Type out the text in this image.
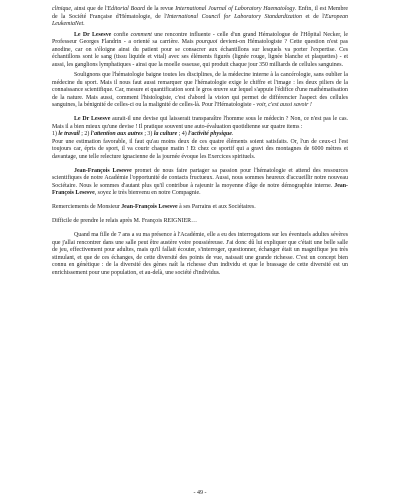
clinique, ainsi que de l'Editorial Board de la revue International Journal of Laboratory Haematology. Enfin, il est Membre de la Société Française d'Hématologie, de l'International Council for Laboratory Standardization et de l'European LeukemiaNet.

Le Dr Lesesve confie comment une rencontre influente - celle d'un grand Hématologue de l'Hôpital Necker, le Professeur Georges Flandrin - a orienté sa carrière. Mais pourquoi devient-on Hématologiste ? Cette question n'est pas anodine, car on s'éloigne ainsi du patient pour se consacrer aux échantillons sur lesquels va porter l'expertise. Ces échantillons sont le sang (tissu liquide et vital) avec ses éléments figurés (lignée rouge, lignée blanche et plaquettes) - et aussi, les ganglions lymphatiques - ainsi que la moelle osseuse, qui produit chaque jour 350 milliards de cellules sanguines.

Soulignons que l'hématologie baigne toutes les disciplines, de la médecine interne à la cancérologie, sans oublier la médecine du sport. Mais il nous faut aussi remarquer que l'hématologie exige le chiffre et l'image : les deux piliers de la connaissance scientifique. Car, mesure et quantification sont le gros œuvre sur lequel s'appuie l'édifice d'une mathématisation de la nature. Mais aussi, comment l'histologiste, c'est d'abord la vision qui permet de différencier l'aspect des cellules sanguines, la bénignité de celles-ci ou la malignité de celles-là. Pour l'Hématologiste - voir, c'est aussi savoir !

Le Dr Lesesve aurait-il une devise qui laisserait transparaître l'homme sous le médecin ? Non, ce n'est pas le cas. Mais il a bien mieux qu'une devise ! Il pratique souvent une auto-évaluation quotidienne sur quatre items :
1) le travail ; 2) l'attention aux autres ; 3) la culture ; 4) l'activité physique.
Pour une estimation favorable, il faut qu'au moins deux de ces quatre éléments soient satisfaits. Or, l'un de ceux-ci l'est toujours car, épris de sport, il va courir chaque matin ! Et chez ce sportif qui a gravi des montagnes de 6000 mètres et davantage, une telle relecture ignacienne de la journée évoque les Exercices spirituels.

Jean-François Lesesve promet de nous faire partager sa passion pour l'hématologie et attend des ressources scientifiques de notre Académie l'opportunité de contacts fructueux. Aussi, nous sommes heureux d'accueillir notre nouveau Sociétaire. Nous le sommes d'autant plus qu'il contribue à rajeunir la moyenne d'âge de notre démographie interne. Jean-François Lesesve, soyez le très bienvenu en notre Compagnie.

Remerciements de Monsieur Jean-François Lesesve à ses Parrains et aux Sociétaires.

Difficile de prendre le relais après M. François REIGNIER…

Quand ma fille de 7 ans a su ma présence à l'Académie, elle a eu des interrogations sur les éventuels adultes sévères que j'allai rencontrer dans une salle peut être austère voire poussiéreuse. J'ai donc dû lui expliquer que c'était une belle salle de jeu, effectivement pour adultes, mais qu'il fallait écouter, s'interroger, questionner, échanger était un magnifique jeu très stimulant, et que de ces échanges, de cette diversité des points de vue, naissait une grande richesse. C'est un concept bien connu en génétique : de la diversité des gènes naît la richesse d'un individu et que le brassage de cette diversité est un enrichissement pour une population, et au-delà, une société d'individus.

- 49 -
